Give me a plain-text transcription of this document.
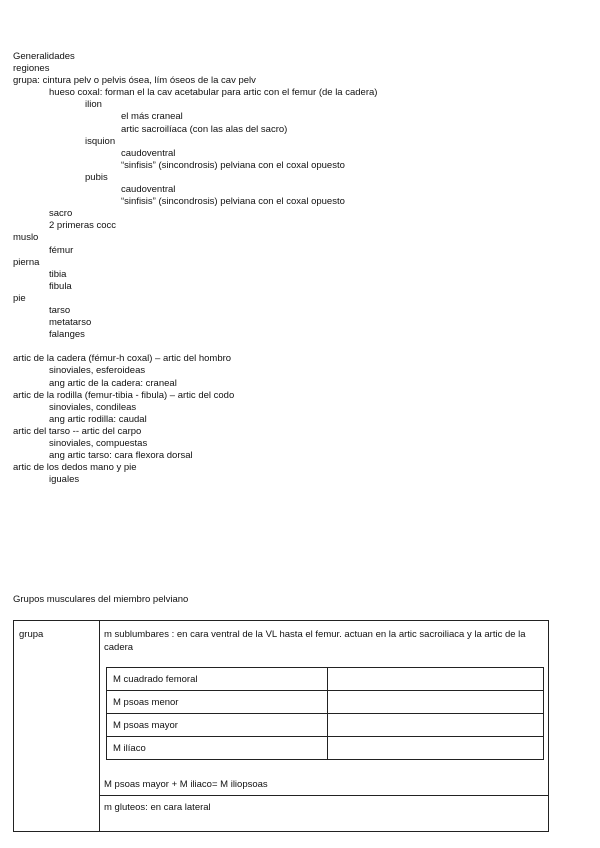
Generalidades
regiones
grupa: cintura pelv o pelvis ósea, lím óseos de la cav pelv
hueso coxal: forman el la cav acetabular para artic con el femur (de la cadera)
ilion
el más craneal
artic sacroilíaca (con las alas del sacro)
isquion
caudoventral
“sinfisis” (sincondrosis) pelviana con el coxal opuesto
pubis
caudoventral
“sinfisis” (sincondrosis) pelviana con el coxal opuesto
sacro
2 primeras cocc
muslo
fémur
pierna
tibia
fibula
pie
tarso
metatarso
falanges
artic de la cadera (fémur-h coxal) – artic del hombro
sinoviales, esferoideas
ang artic de la cadera: craneal
artic de la rodilla (femur-tibia - fibula) – artic del codo
sinoviales, condileas
ang artic rodilla: caudal
artic del tarso -- artic del carpo
sinoviales, compuestas
ang artic tarso: cara flexora dorsal
artic de los dedos mano y pie
iguales
Grupos musculares del miembro pelviano
grupa	m sublumbares : en cara ventral de la VL hasta el femur. actuan en la artic sacroiliaca y la artic de la cadera
M cuadrado femoral	
M psoas menor	
M psoas mayor	
M ilíaco	
M psoas mayor + M iliaco= M iliopsoas
m gluteos: en cara lateral
